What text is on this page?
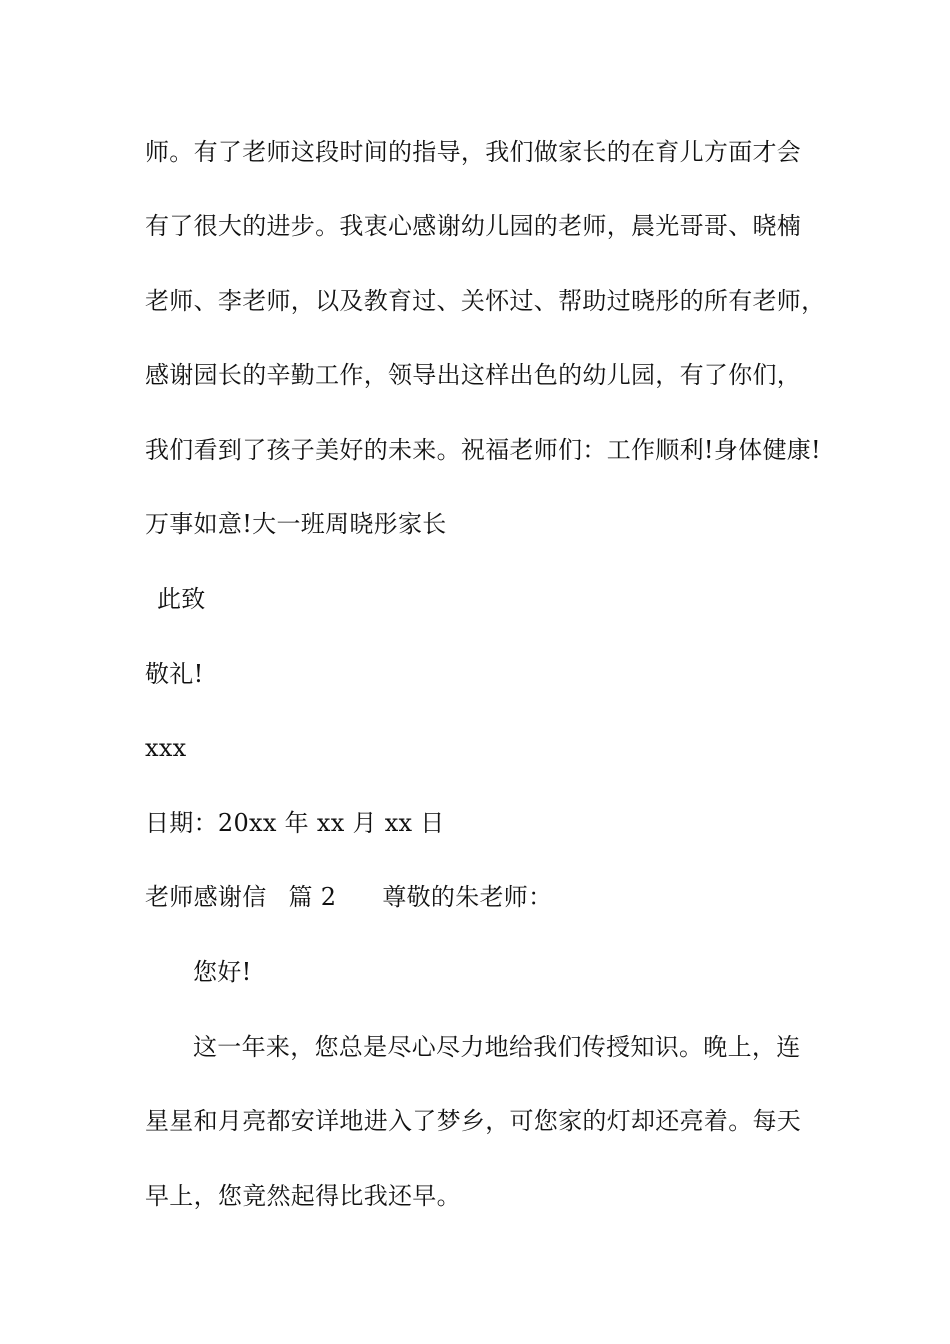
师。有了老师这段时间的指导，我们做家长的在育儿方面才会
有了很大的进步。我衷心感谢幼儿园的老师，晨光哥哥、晓楠
老师、李老师，以及教育过、关怀过、帮助过晓彤的所有老师，
感谢园长的辛勤工作，领导出这样出色的幼儿园，有了你们，
我们看到了孩子美好的未来。祝福老师们：工作顺利!身体健康!
万事如意!大一班周晓彤家长
此致
敬礼!
xxx
日期：20xx 年 xx 月 xx 日
老师感谢信 篇 2 尊敬的朱老师：
您好!
这一年来，您总是尽心尽力地给我们传授知识。晚上，连
星星和月亮都安详地进入了梦乡，可您家的灯却还亮着。每天
早上，您竟然起得比我还早。
